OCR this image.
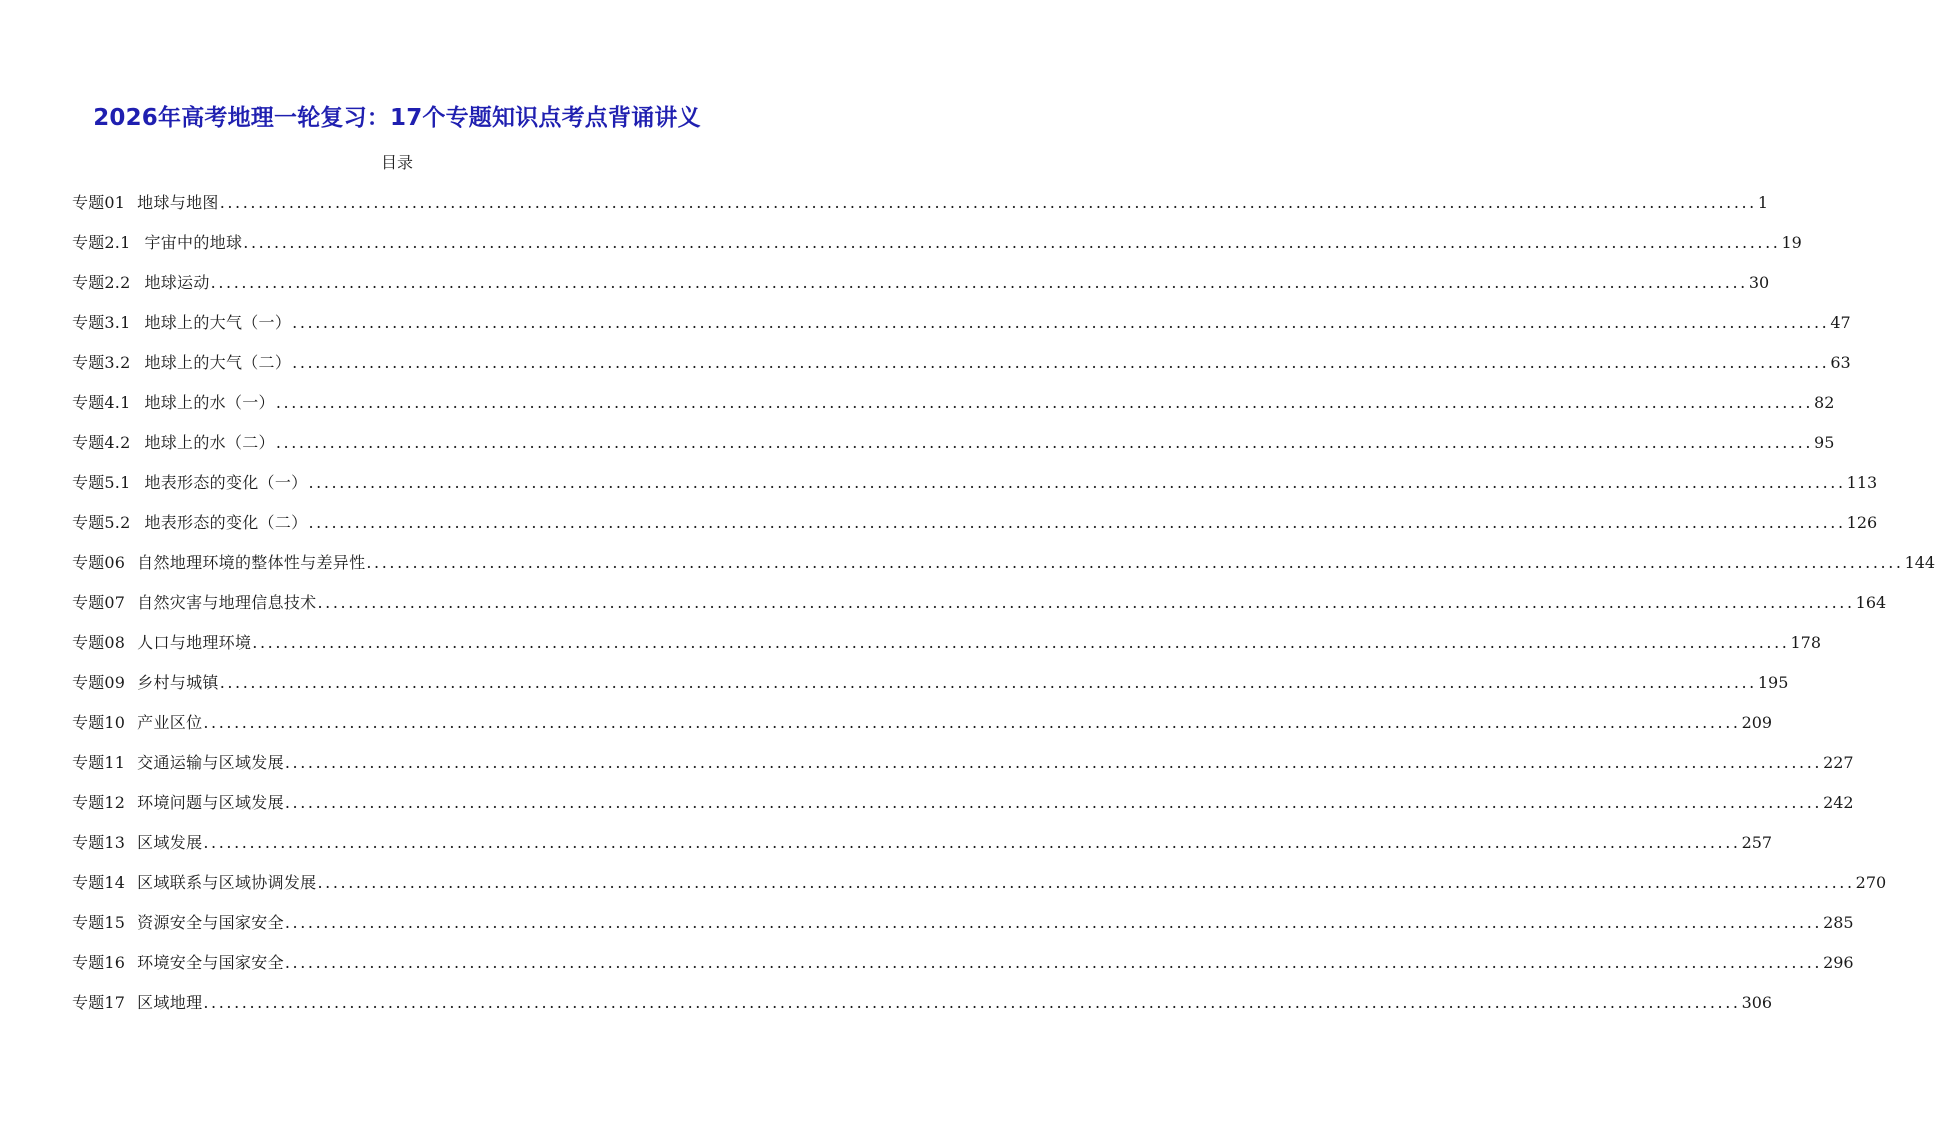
2026年高考地理一轮复习：17个专题知识点考点背诵讲义
目录
专题01 地球与地图 ........................................................................................................................................................................................................ 1
专题2.1 宇宙中的地球 ........................................................................................................................................................................................................ 19
专题2.2 地球运动 ........................................................................................................................................................................................................ 30
专题3.1 地球上的大气（一） ........................................................................................................................................................................................................ 47
专题3.2 地球上的大气（二） ........................................................................................................................................................................................................ 63
专题4.1 地球上的水（一） ........................................................................................................................................................................................................ 82
专题4.2 地球上的水（二） ........................................................................................................................................................................................................ 95
专题5.1 地表形态的变化（一） ........................................................................................................................................................................................................ 113
专题5.2 地表形态的变化（二） ........................................................................................................................................................................................................ 126
专题06 自然地理环境的整体性与差异性 ........................................................................................................................................................................................................ 144
专题07 自然灾害与地理信息技术 ........................................................................................................................................................................................................ 164
专题08 人口与地理环境 ........................................................................................................................................................................................................ 178
专题09 乡村与城镇 ........................................................................................................................................................................................................ 195
专题10 产业区位 ........................................................................................................................................................................................................ 209
专题11 交通运输与区域发展 ........................................................................................................................................................................................................ 227
专题12 环境问题与区域发展 ........................................................................................................................................................................................................ 242
专题13 区域发展 ........................................................................................................................................................................................................ 257
专题14 区域联系与区域协调发展 ........................................................................................................................................................................................................ 270
专题15 资源安全与国家安全 ........................................................................................................................................................................................................ 285
专题16 环境安全与国家安全 ........................................................................................................................................................................................................ 296
专题17 区域地理 ........................................................................................................................................................................................................ 306
